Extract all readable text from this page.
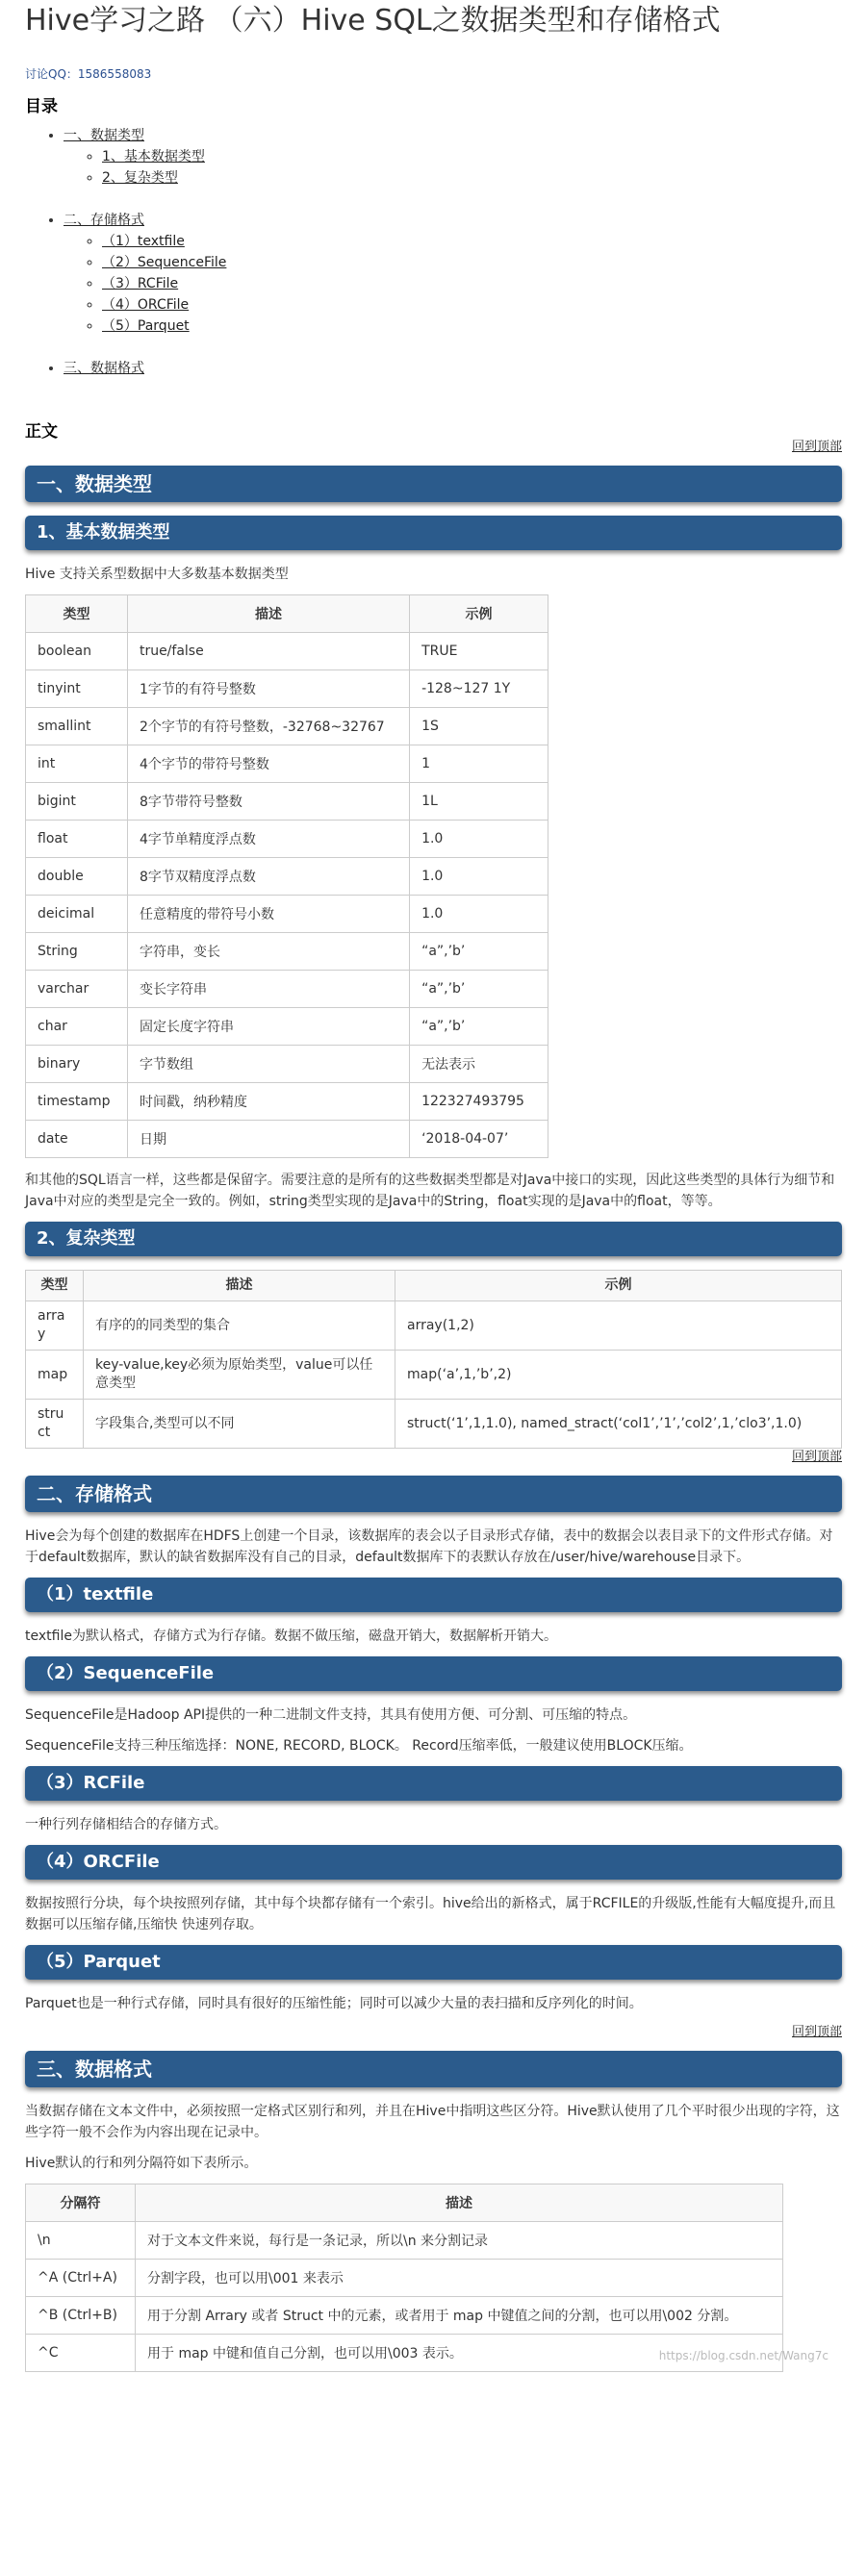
Hive学习之路 （六）Hive SQL之数据类型和存储格式
讨论QQ：1586558083
目录
• 一、数据类型
◦ 1、基本数据类型
◦ 2、复杂类型
• 二、存储格式
◦ （1）textfile
◦ （2）SequenceFile
◦ （3）RCFile
◦ （4）ORCFile
◦ （5）Parquet
• 三、数据格式
正文
回到顶部
一、数据类型
1、基本数据类型

Hive 支持关系型数据中大多数基本数据类型

类型	描述	示例
boolean	true/false	TRUE
tinyint	1字节的有符号整数	-128~127 1Y
smallint	2个字节的有符号整数，-32768~32767	1S
int	4个字节的带符号整数	1
bigint	8字节带符号整数	1L
float	4字节单精度浮点数	1.0
double	8字节双精度浮点数	1.0
deicimal	任意精度的带符号小数	1.0
String	字符串，变长	“a”,’b’
varchar	变长字符串	“a”,’b’
char	固定长度字符串	“a”,’b’
binary	字节数组	无法表示
timestamp	时间戳，纳秒精度	122327493795
date	日期	‘2018-04-07’

和其他的SQL语言一样，这些都是保留字。需要注意的是所有的这些数据类型都是对Java中接口的实现，因此这些类型的具体行为细节和Java中对应的类型是完全一致的。例如，string类型实现的是Java中的String，float实现的是Java中的float，等等。

2、复杂类型
类型	描述	示例
array	有序的的同类型的集合	array(1,2)
map	key-value,key必须为原始类型，value可以任意类型	map(‘a’,1,’b’,2)
struct	字段集合,类型可以不同	struct(‘1’,1,1.0), named_stract(‘col1’,’1’,’col2’,1,’clo3’,1.0)
回到顶部
二、存储格式

Hive会为每个创建的数据库在HDFS上创建一个目录，该数据库的表会以子目录形式存储，表中的数据会以表目录下的文件形式存储。对于default数据库，默认的缺省数据库没有自己的目录，default数据库下的表默认存放在/user/hive/warehouse目录下。

（1）textfile

textfile为默认格式，存储方式为行存储。数据不做压缩，磁盘开销大，数据解析开销大。

（2）SequenceFile

SequenceFile是Hadoop API提供的一种二进制文件支持，其具有使用方便、可分割、可压缩的特点。

SequenceFile支持三种压缩选择：NONE, RECORD, BLOCK。 Record压缩率低，一般建议使用BLOCK压缩。

（3）RCFile

一种行列存储相结合的存储方式。

（4）ORCFile

数据按照行分块，每个块按照列存储，其中每个块都存储有一个索引。hive给出的新格式，属于RCFILE的升级版,性能有大幅度提升,而且数据可以压缩存储,压缩快 快速列存取。

（5）Parquet

Parquet也是一种行式存储，同时具有很好的压缩性能；同时可以减少大量的表扫描和反序列化的时间。

回到顶部
三、数据格式

当数据存储在文本文件中，必须按照一定格式区别行和列，并且在Hive中指明这些区分符。Hive默认使用了几个平时很少出现的字符，这些字符一般不会作为内容出现在记录中。

Hive默认的行和列分隔符如下表所示。

分隔符	描述
\n	对于文本文件来说，每行是一条记录，所以\n 来分割记录
^A (Ctrl+A)	分割字段，也可以用\001 来表示
^B (Ctrl+B)	用于分割 Arrary 或者 Struct 中的元素，或者用于 map 中键值之间的分割，也可以用\002 分割。
^C	用于 map 中键和值自己分割，也可以用\003 表示。	https://blog.csdn.net/Wang7c
